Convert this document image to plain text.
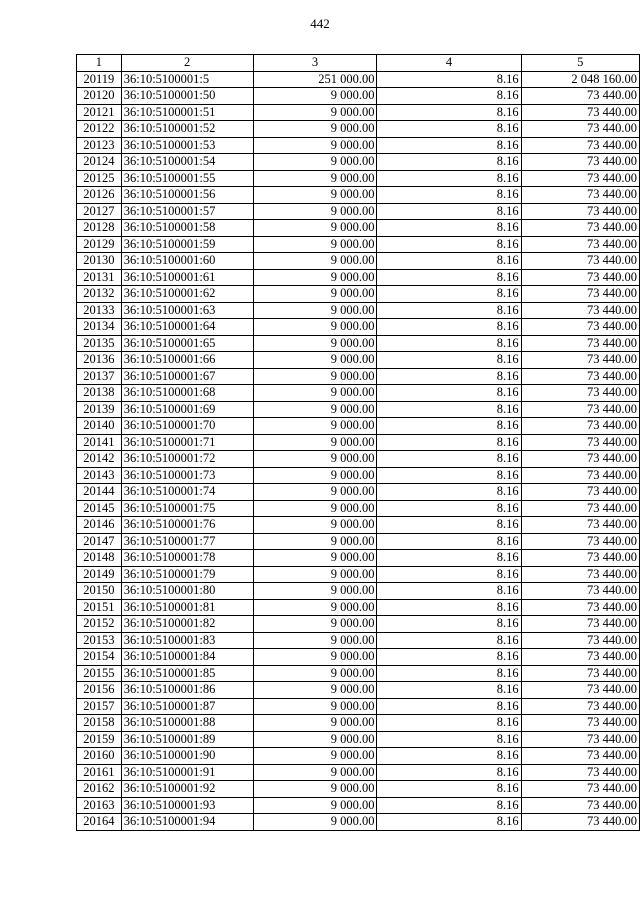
442
1	2	3	4	5
20119	36:10:5100001:5	251 000.00	8.16	2 048 160.00
20120	36:10:5100001:50	9 000.00	8.16	73 440.00
20121	36:10:5100001:51	9 000.00	8.16	73 440.00
20122	36:10:5100001:52	9 000.00	8.16	73 440.00
20123	36:10:5100001:53	9 000.00	8.16	73 440.00
20124	36:10:5100001:54	9 000.00	8.16	73 440.00
20125	36:10:5100001:55	9 000.00	8.16	73 440.00
20126	36:10:5100001:56	9 000.00	8.16	73 440.00
20127	36:10:5100001:57	9 000.00	8.16	73 440.00
20128	36:10:5100001:58	9 000.00	8.16	73 440.00
20129	36:10:5100001:59	9 000.00	8.16	73 440.00
20130	36:10:5100001:60	9 000.00	8.16	73 440.00
20131	36:10:5100001:61	9 000.00	8.16	73 440.00
20132	36:10:5100001:62	9 000.00	8.16	73 440.00
20133	36:10:5100001:63	9 000.00	8.16	73 440.00
20134	36:10:5100001:64	9 000.00	8.16	73 440.00
20135	36:10:5100001:65	9 000.00	8.16	73 440.00
20136	36:10:5100001:66	9 000.00	8.16	73 440.00
20137	36:10:5100001:67	9 000.00	8.16	73 440.00
20138	36:10:5100001:68	9 000.00	8.16	73 440.00
20139	36:10:5100001:69	9 000.00	8.16	73 440.00
20140	36:10:5100001:70	9 000.00	8.16	73 440.00
20141	36:10:5100001:71	9 000.00	8.16	73 440.00
20142	36:10:5100001:72	9 000.00	8.16	73 440.00
20143	36:10:5100001:73	9 000.00	8.16	73 440.00
20144	36:10:5100001:74	9 000.00	8.16	73 440.00
20145	36:10:5100001:75	9 000.00	8.16	73 440.00
20146	36:10:5100001:76	9 000.00	8.16	73 440.00
20147	36:10:5100001:77	9 000.00	8.16	73 440.00
20148	36:10:5100001:78	9 000.00	8.16	73 440.00
20149	36:10:5100001:79	9 000.00	8.16	73 440.00
20150	36:10:5100001:80	9 000.00	8.16	73 440.00
20151	36:10:5100001:81	9 000.00	8.16	73 440.00
20152	36:10:5100001:82	9 000.00	8.16	73 440.00
20153	36:10:5100001:83	9 000.00	8.16	73 440.00
20154	36:10:5100001:84	9 000.00	8.16	73 440.00
20155	36:10:5100001:85	9 000.00	8.16	73 440.00
20156	36:10:5100001:86	9 000.00	8.16	73 440.00
20157	36:10:5100001:87	9 000.00	8.16	73 440.00
20158	36:10:5100001:88	9 000.00	8.16	73 440.00
20159	36:10:5100001:89	9 000.00	8.16	73 440.00
20160	36:10:5100001:90	9 000.00	8.16	73 440.00
20161	36:10:5100001:91	9 000.00	8.16	73 440.00
20162	36:10:5100001:92	9 000.00	8.16	73 440.00
20163	36:10:5100001:93	9 000.00	8.16	73 440.00
20164	36:10:5100001:94	9 000.00	8.16	73 440.00
